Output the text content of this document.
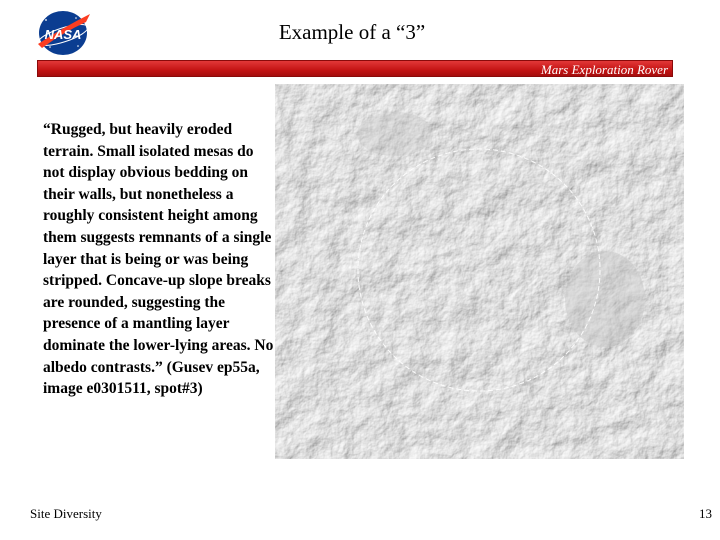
NASA	Example of a “3”
Mars Exploration Rover
“Rugged, but heavily eroded terrain. Small isolated mesas do not display obvious bedding on their walls, but nonetheless a roughly consistent height among them suggests remnants of a single layer that is being or was being stripped. Concave-up slope breaks are rounded, suggesting the presence of a mantling layer dominate the lower-lying areas. No albedo contrasts.” (Gusev ep55a, image e0301511, spot#3)
Site Diversity	13
